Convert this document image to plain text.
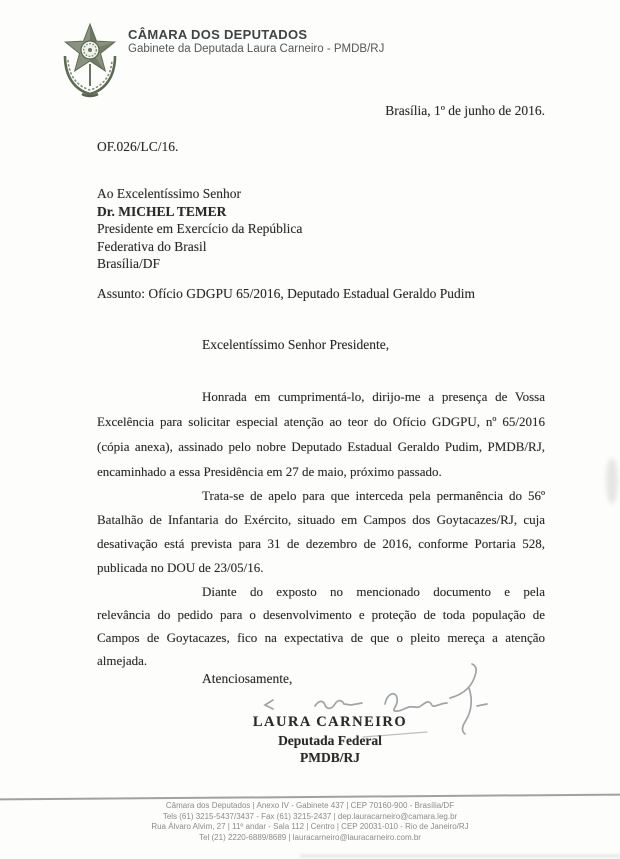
CÂMARA DOS DEPUTADOS
Gabinete da Deputada Laura Carneiro - PMDB/RJ
Brasília, 1º de junho de 2016.
OF.026/LC/16.
Ao Excelentíssimo Senhor
Dr. MICHEL TEMER
Presidente em Exercício da República
Federativa do Brasil
Brasília/DF
Assunto: Ofício GDGPU 65/2016, Deputado Estadual Geraldo Pudim
Excelentíssimo Senhor Presidente,
Honrada em cumprimentá-lo, dirijo-me a presença de Vossa
Excelência para solicitar especial atenção ao teor do Ofício GDGPU, nº 65/2016
(cópia anexa), assinado pelo nobre Deputado Estadual Geraldo Pudim, PMDB/RJ,
encaminhado a essa Presidência em 27 de maio, próximo passado.
Trata-se de apelo para que interceda pela permanência do 56º
Batalhão de Infantaria do Exército, situado em Campos dos Goytacazes/RJ, cuja
desativação está prevista para 31 de dezembro de 2016, conforme Portaria 528,
publicada no DOU de 23/05/16.
Diante do exposto no mencionado documento e pela
relevância do pedido para o desenvolvimento e proteção de toda população de
Campos de Goytacazes, fico na expectativa de que o pleito mereça a atenção
almejada.
Atenciosamente,
LAURA CARNEIRO
Deputada Federal
PMDB/RJ
Câmara dos Deputados | Anexo IV - Gabinete 437 | CEP 70160-900 - Brasília/DF
Tels (61) 3215-5437/3437 - Fax (61) 3215-2437 | dep.lauracarneiro@camara.leg.br
Rua Álvaro Alvim, 27 | 11º andar - Sala 112 | Centro | CEP 20031-010 - Rio de Janeiro/RJ
Tel (21) 2220-6889/8689 | lauracarneiro@lauracarneiro.com.br
